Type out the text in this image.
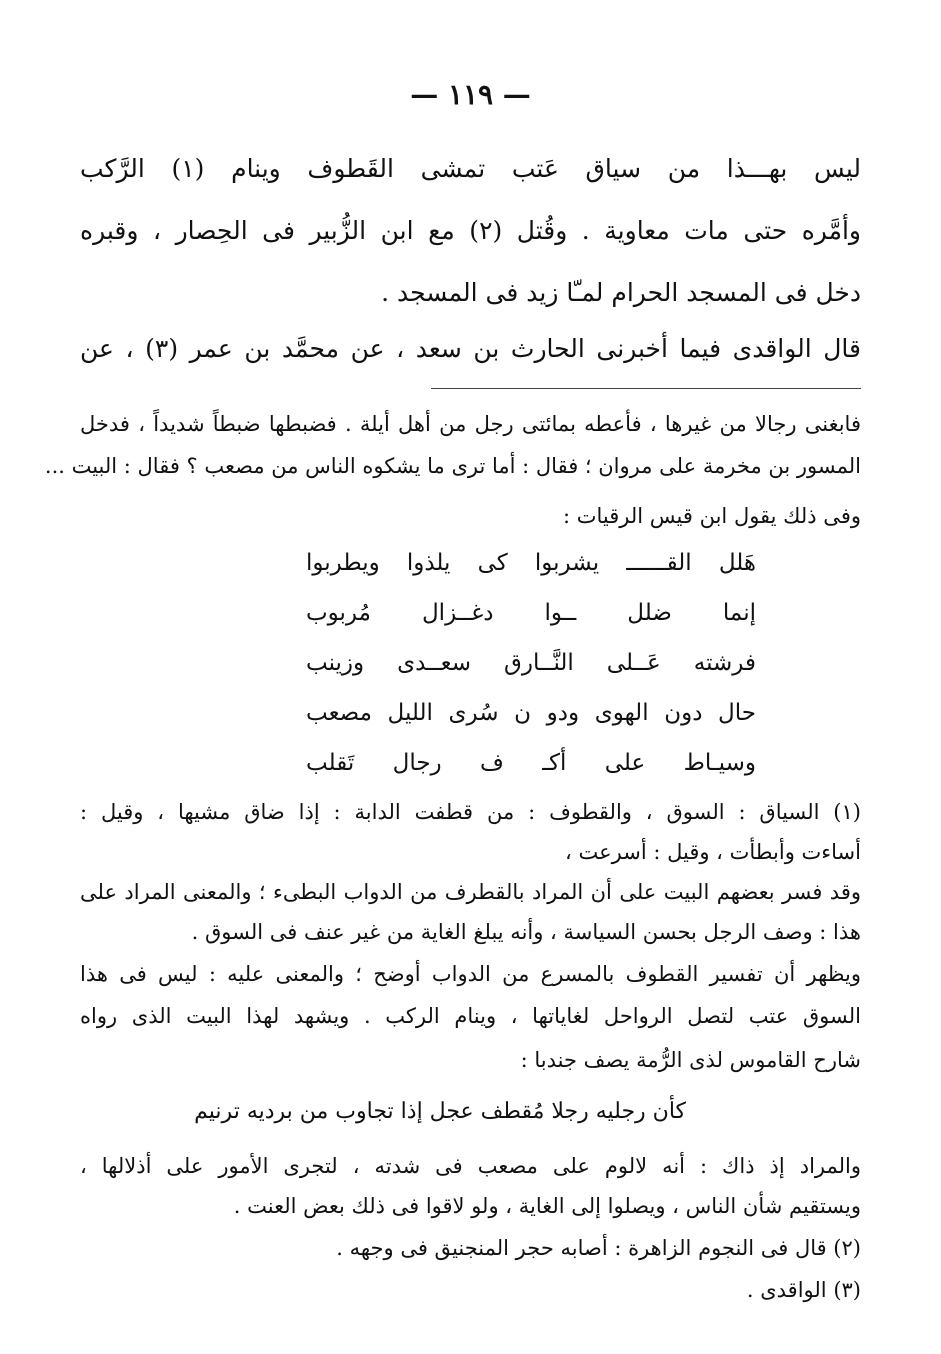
— ١١٩ —
ليس بهـــذا من سياق عَتب تمشى القَطوف وينام (١) الرَّكب
وأمَّره حتى مات معاوية . وقُتل (٢) مع ابن الزُّبير فى الحِصار ، وقبره
دخل فى المسجد الحرام لمـّا زيد فى المسجد .
قال الواقدى فيما أخبرنى الحارث بن سعد ، عن محمَّد بن عمر (٣) ، عن
فابغنى رجالا من غيرها ، فأعطه بمائتى رجل من أهل أيلة . فضبطها ضبطاً شديداً ، فدخل
المسور بن مخرمة على مروان ؛ فقال : أما ترى ما يشكوه الناس من مصعب ؟ فقال : البيت ...
وفى ذلك يقول ابن قيس الرقيات :
هَلل القــــــ يشربوا كى يلذوا ويطربوا
إنما ضلل ــوا دغــزال مُربوب
فرشته عَــلى النَّــارق سعــدى وزينب
حال دون الهوى ودو ن سُرى الليل مصعب
وسيـاط على أكـ ف رجال تَقلب
(١) السياق : السوق ، والقطوف : من قطفت الدابة : إذا ضاق مشيها ، وقيل :
أساءت وأبطأت ، وقيل : أسرعت ،
وقد فسر بعضهم البيت على أن المراد بالقطرف من الدواب البطىء ؛ والمعنى المراد على
هذا : وصف الرجل بحسن السياسة ، وأنه يبلغ الغاية من غير عنف فى السوق .
ويظهر أن تفسير القطوف بالمسرع من الدواب أوضح ؛ والمعنى عليه : ليس فى هذا
السوق عتب لتصل الرواحل لغاياتها ، وينام الركب . ويشهد لهذا البيت الذى رواه
شارح القاموس لذى الرُّمة يصف جندبا :
كأن رجليه رجلا مُقطف عجل إذا تجاوب من برديه ترنيم
والمراد إذ ذاك : أنه لالوم على مصعب فى شدته ، لتجرى الأمور على أذلالها ،
ويستقيم شأن الناس ، ويصلوا إلى الغاية ، ولو لاقوا فى ذلك بعض العنت .
(٢) قال فى النجوم الزاهرة : أصابه حجر المنجنيق فى وجهه .
(٣) الواقدى .
